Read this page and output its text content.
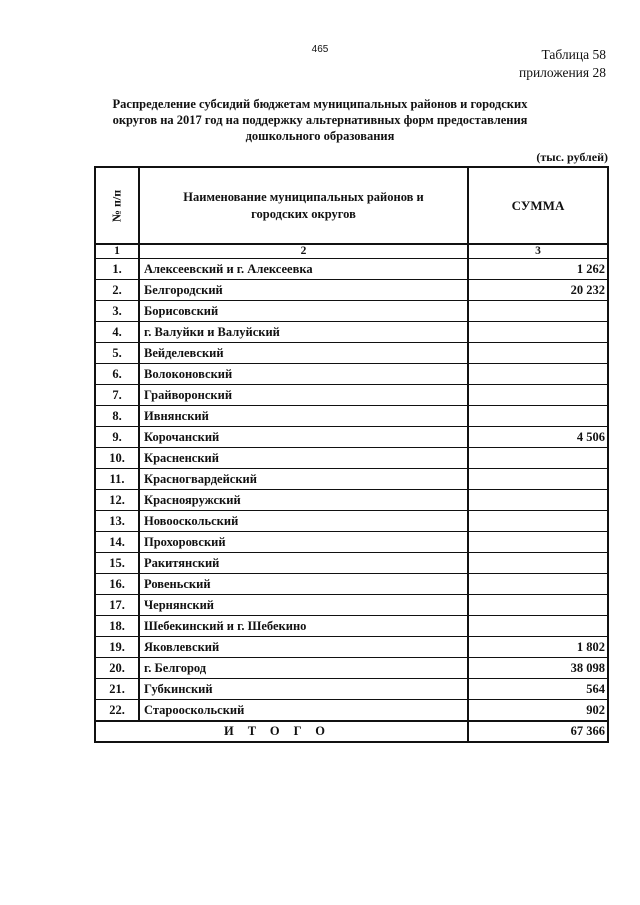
465	Таблица 58
приложения 28
Распределение субсидий бюджетам муниципальных районов и городских округов на 2017 год на поддержку альтернативных форм предоставления дошкольного образования
(тыс. рублей)
№ п/п	Наименование муниципальных районов и городских округов	СУММА
1	2	3
1.	Алексеевский и г. Алексеевка	1 262
2.	Белгородский	20 232
3.	Борисовский	
4.	г. Валуйки и Валуйский	
5.	Вейделевский	
6.	Волоконовский	
7.	Грайворонский	
8.	Ивнянский	
9.	Корочанский	4 506
10.	Красненский	
11.	Красногвардейский	
12.	Краснояружский	
13.	Новооскольский	
14.	Прохоровский	
15.	Ракитянский	
16.	Ровеньский	
17.	Чернянский	
18.	Шебекинский и г. Шебекино	
19.	Яковлевский	1 802
20.	г. Белгород	38 098
21.	Губкинский	564
22.	Старооскольский	902
ИТОГО		67 366
